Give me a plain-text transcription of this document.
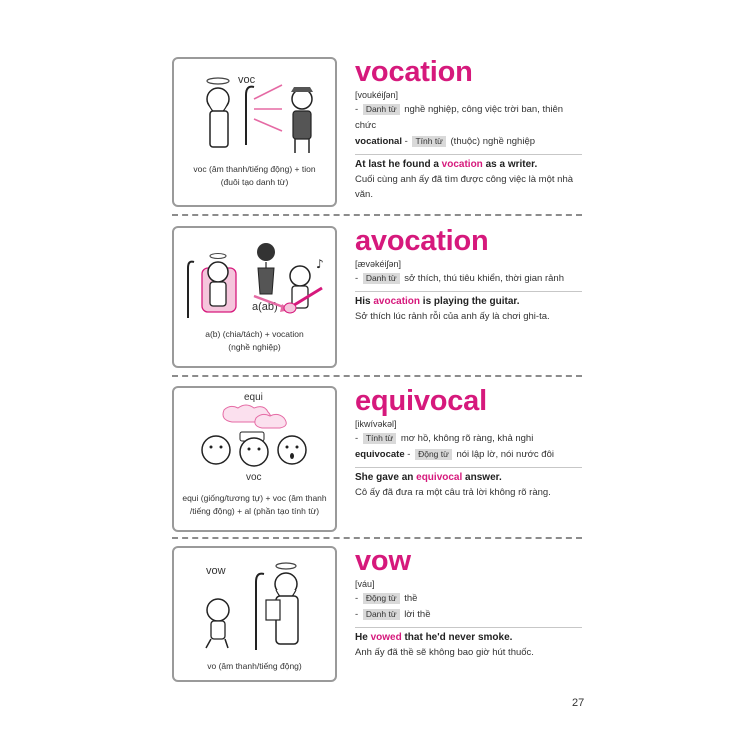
voc
voc (âm thanh/tiếng động) + tion
(đuôi tạo danh từ)
vocation
[voukéiʃən]
- Danh từ nghề nghiệp, công việc trời ban, thiên chức
vocational - Tính từ (thuộc) nghề nghiệp
At last he found a vocation as a writer.
Cuối cùng anh ấy đã tìm được công việc là một nhà văn.
a(ab)
♪
a(b) (chia/tách) + vocation
(nghề nghiệp)
avocation
[ӕvəkéiʃən]
- Danh từ sở thích, thú tiêu khiển, thời gian rảnh
His avocation is playing the guitar.
Sở thích lúc rảnh rỗi của anh ấy là chơi ghi-ta.
equi
voc
equi (giống/tương tự) + voc (âm thanh
/tiếng động) + al (phần tạo tính từ)
equivocal
[ikwívəkəl]
- Tính từ mơ hồ, không rõ ràng, khả nghi
equivocate - Động từ nói lập lờ, nói nước đôi
She gave an equivocal answer.
Cô ấy đã đưa ra một câu trả lời không rõ ràng.
vow
vo (âm thanh/tiếng động)
vow
[váu]
- Động từ thề
- Danh từ lời thề
He vowed that he'd never smoke.
Anh ấy đã thề sẽ không bao giờ hút thuốc.
27
